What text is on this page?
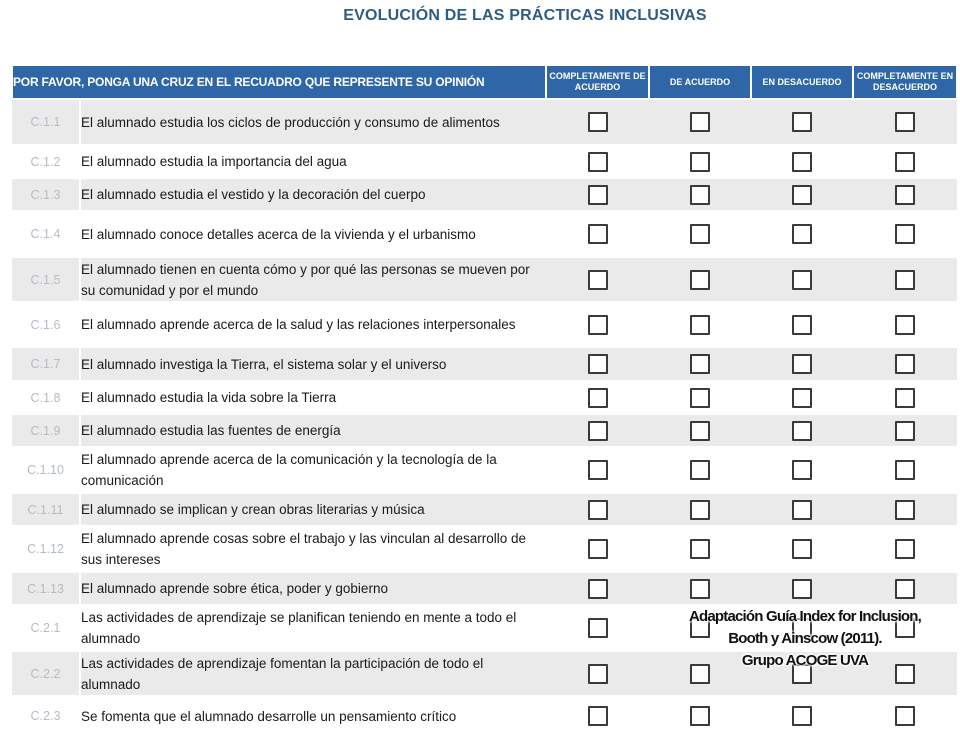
EVOLUCIÓN DE LAS PRÁCTICAS INCLUSIVAS
POR FAVOR, PONGA UNA CRUZ EN EL RECUADRO QUE REPRESENTE SU OPINIÓN		COMPLETAMENTE DE ACUERDO	DE ACUERDO	EN DESACUERDO	COMPLETAMENTE EN DESACUERDO
C.1.1	El alumnado estudia los ciclos de producción y consumo de alimentos				
C.1.2	El alumnado estudia la importancia del agua				
C.1.3	El alumnado estudia el vestido y la decoración del cuerpo				
C.1.4	El alumnado conoce detalles acerca de la vivienda y el urbanismo				
C.1.5	El alumnado tienen en cuenta cómo y por qué las personas se mueven por su comunidad y por el mundo				
C.1.6	El alumnado aprende acerca de la salud y las relaciones interpersonales				
C.1.7	El alumnado investiga la Tierra, el sistema solar y el universo				
C.1.8	El alumnado estudia la vida sobre la Tierra				
C.1.9	El alumnado estudia las fuentes de energía				
C.1.10	El alumnado aprende acerca de la comunicación y la tecnología de la comunicación				
C.1.11	El alumnado se implican y crean obras literarias y música				
C.1.12	El alumnado aprende cosas sobre el trabajo y las vinculan al desarrollo de sus intereses				
C.1.13	El alumnado aprende sobre ética, poder y gobierno				
C.2.1	Las actividades de aprendizaje se planifican teniendo en mente a todo el alumnado				
C.2.2	Las actividades de aprendizaje fomentan la participación de todo el alumnado				
C.2.3	Se fomenta que el alumnado desarrolle un pensamiento crítico				
Adaptación Guía Index for Inclusion,
Booth y Ainscow (2011).
Grupo ACOGE UVA
